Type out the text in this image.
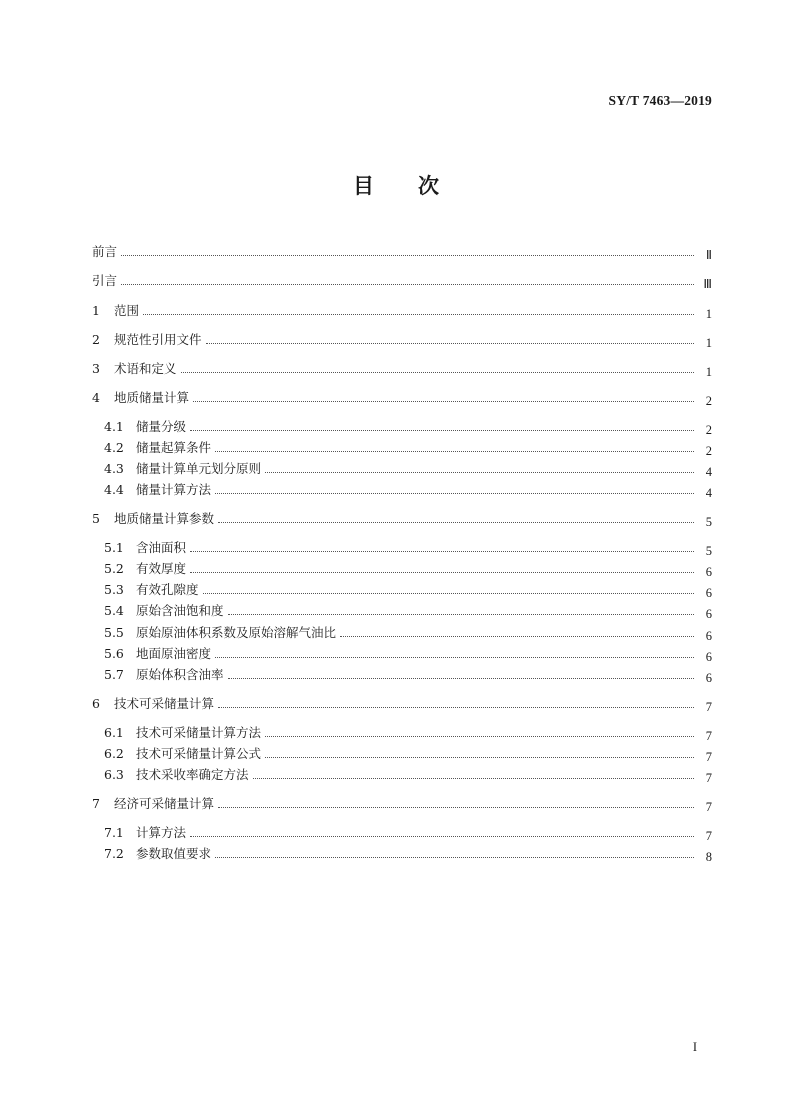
SY/T 7463—2019
目 次
前言	Ⅱ
引言	Ⅲ
1	范围	1
2	规范性引用文件	1
3	术语和定义	1
4	地质储量计算	2
4.1 储量分级	2
4.2 储量起算条件	2
4.3 储量计算单元划分原则	4
4.4 储量计算方法	4
5	地质储量计算参数	5
5.1 含油面积	5
5.2 有效厚度	6
5.3 有效孔隙度	6
5.4 原始含油饱和度	6
5.5 原始原油体积系数及原始溶解气油比	6
5.6 地面原油密度	6
5.7 原始体积含油率	6
6	技术可采储量计算	7
6.1 技术可采储量计算方法	7
6.2 技术可采储量计算公式	7
6.3 技术采收率确定方法	7
7	经济可采储量计算	7
7.1 计算方法	7
7.2 参数取值要求	8
I
